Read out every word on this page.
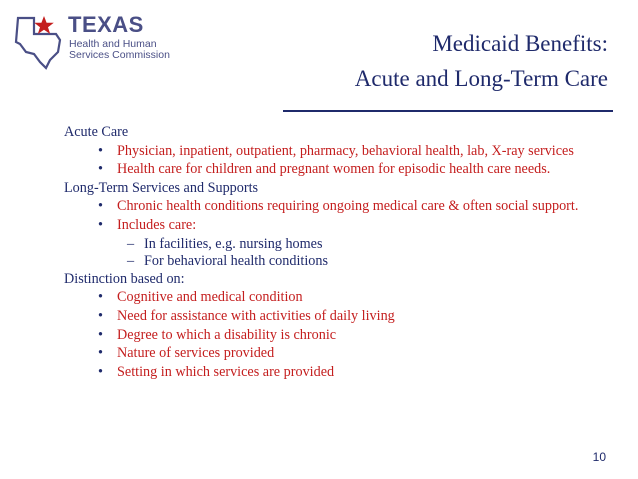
TEXAS
Health and Human
Services Commission	Medicaid Benefits:
Acute and Long-Term Care

Acute Care

• Physician, inpatient, outpatient, pharmacy, behavioral health, lab, X-ray services
• Health care for children and pregnant women for episodic health care needs.

Long-Term Services and Supports

• Chronic health conditions requiring ongoing medical care & often social support.
• Includes care:
– In facilities, e.g. nursing homes
– For behavioral health conditions

Distinction based on:

• Cognitive and medical condition
• Need for assistance with activities of daily living
• Degree to which a disability is chronic
• Nature of services provided
• Setting in which services are provided
10
